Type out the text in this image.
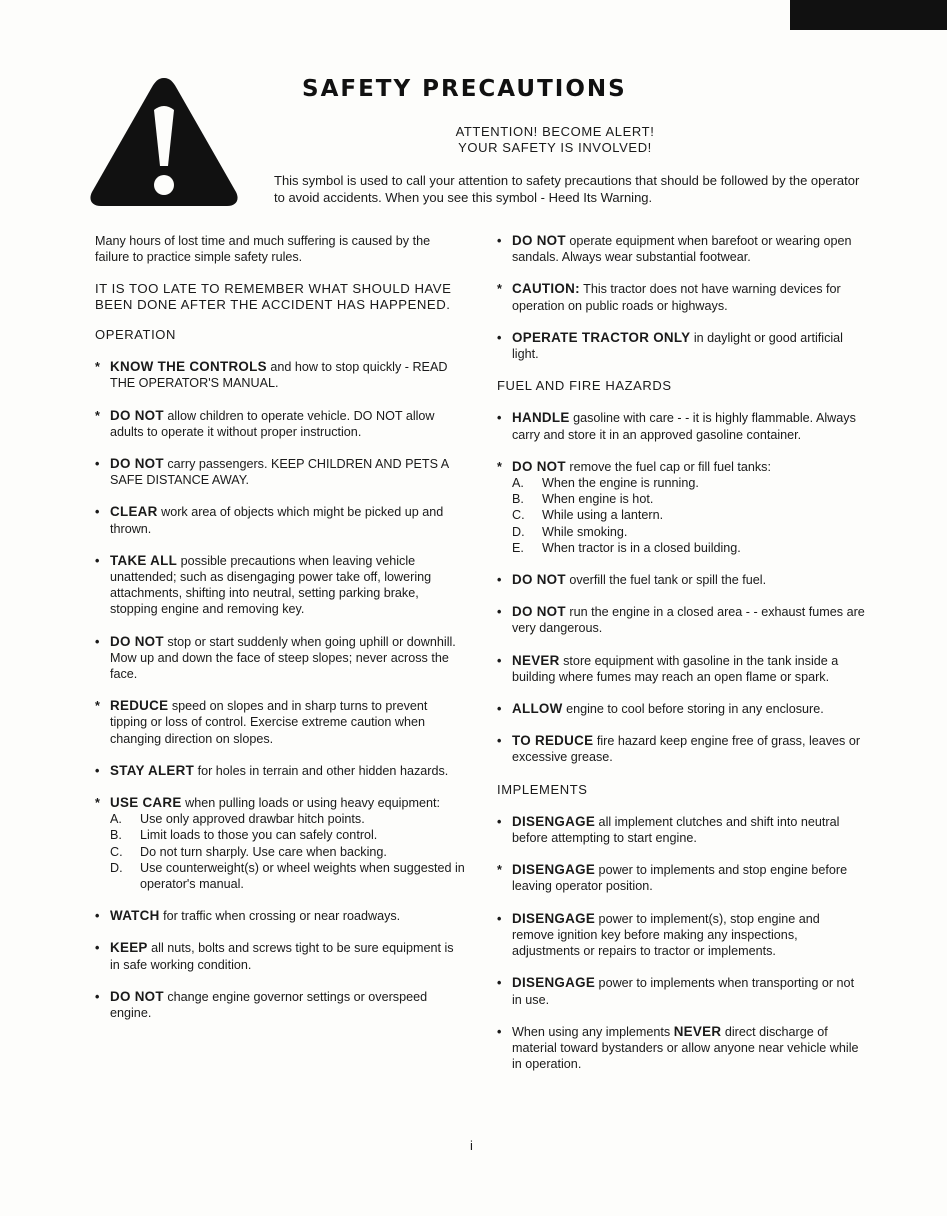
SAFETY PRECAUTIONS
ATTENTION! BECOME ALERT!
YOUR SAFETY IS INVOLVED!

This symbol is used to call your attention to safety precautions that should be followed by the operator to avoid accidents. When you see this symbol - Heed Its Warning.

Many hours of lost time and much suffering is caused by the failure to practice simple safety rules.

IT IS TOO LATE TO REMEMBER WHAT SHOULD HAVE BEEN DONE AFTER THE ACCIDENT HAS HAPPENED.

OPERATION

* KNOW THE CONTROLS and how to stop quickly - READ THE OPERATOR'S MANUAL.
* DO NOT allow children to operate vehicle. DO NOT allow adults to operate it without proper instruction.
• DO NOT carry passengers. KEEP CHILDREN AND PETS A SAFE DISTANCE AWAY.
• CLEAR work area of objects which might be picked up and thrown.
• TAKE ALL possible precautions when leaving vehicle unattended; such as disengaging power take off, lowering attachments, shifting into neutral, setting parking brake, stopping engine and removing key.
• DO NOT stop or start suddenly when going uphill or downhill. Mow up and down the face of steep slopes; never across the face.
* REDUCE speed on slopes and in sharp turns to prevent tipping or loss of control. Exercise extreme caution when changing direction on slopes.
• STAY ALERT for holes in terrain and other hidden hazards.
* USE CARE when pulling loads or using heavy equipment:
A. Use only approved drawbar hitch points.
B. Limit loads to those you can safely control.
C. Do not turn sharply. Use care when backing.
D. Use counterweight(s) or wheel weights when suggested in operator's manual.
• WATCH for traffic when crossing or near roadways.
• KEEP all nuts, bolts and screws tight to be sure equipment is in safe working condition.
• DO NOT change engine governor settings or overspeed engine.
• DO NOT operate equipment when barefoot or wearing open sandals. Always wear substantial footwear.
* CAUTION: This tractor does not have warning devices for operation on public roads or highways.
• OPERATE TRACTOR ONLY in daylight or good artificial light.

FUEL AND FIRE HAZARDS

• HANDLE gasoline with care - - it is highly flammable. Always carry and store it in an approved gasoline container.
* DO NOT remove the fuel cap or fill fuel tanks:
A. When the engine is running.
B. When engine is hot.
C. While using a lantern.
D. While smoking.
E. When tractor is in a closed building.
• DO NOT overfill the fuel tank or spill the fuel.
• DO NOT run the engine in a closed area - - exhaust fumes are very dangerous.
• NEVER store equipment with gasoline in the tank inside a building where fumes may reach an open flame or spark.
• ALLOW engine to cool before storing in any enclosure.
• TO REDUCE fire hazard keep engine free of grass, leaves or excessive grease.

IMPLEMENTS

• DISENGAGE all implement clutches and shift into neutral before attempting to start engine.
* DISENGAGE power to implements and stop engine before leaving operator position.
• DISENGAGE power to implement(s), stop engine and remove ignition key before making any inspections, adjustments or repairs to tractor or implements.
• DISENGAGE power to implements when transporting or not in use.
• When using any implements NEVER direct discharge of material toward bystanders or allow anyone near vehicle while in operation.
i
